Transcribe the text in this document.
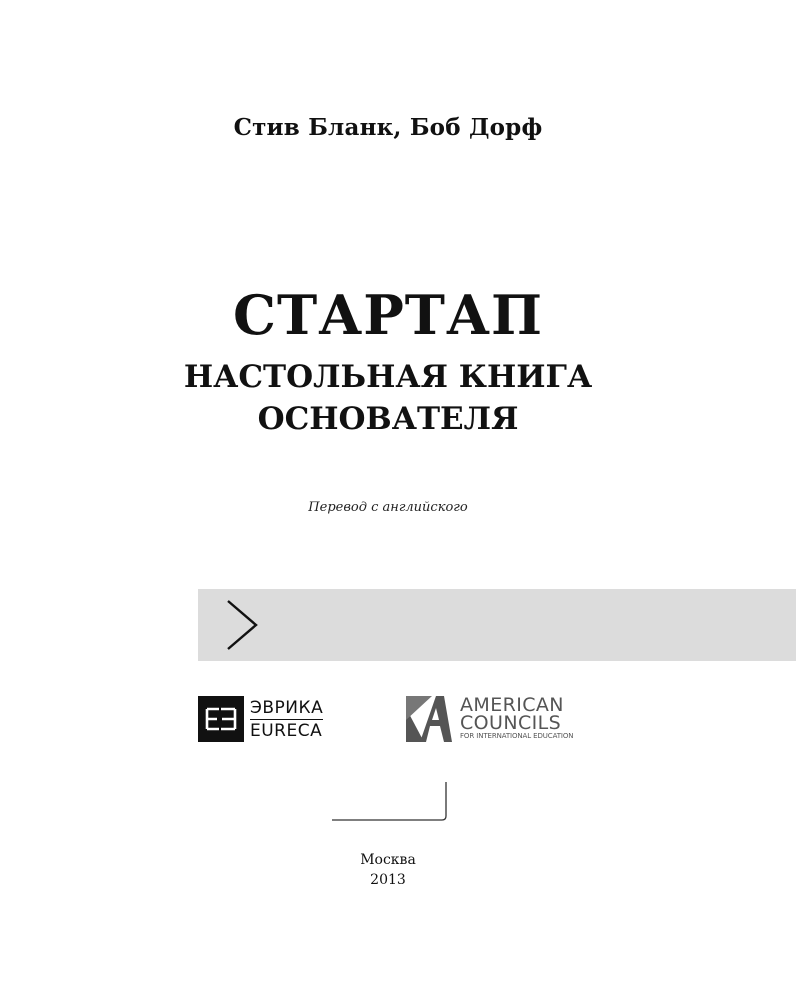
Стив Бланк, Боб Дорф
СТАРТАП
НАСТОЛЬНАЯ КНИГА
ОСНОВАТЕЛЯ
Перевод с английского
ЭВРИКА
EURECA
AMERICAN
COUNCILS
FOR INTERNATIONAL EDUCATION
Москва
2013
